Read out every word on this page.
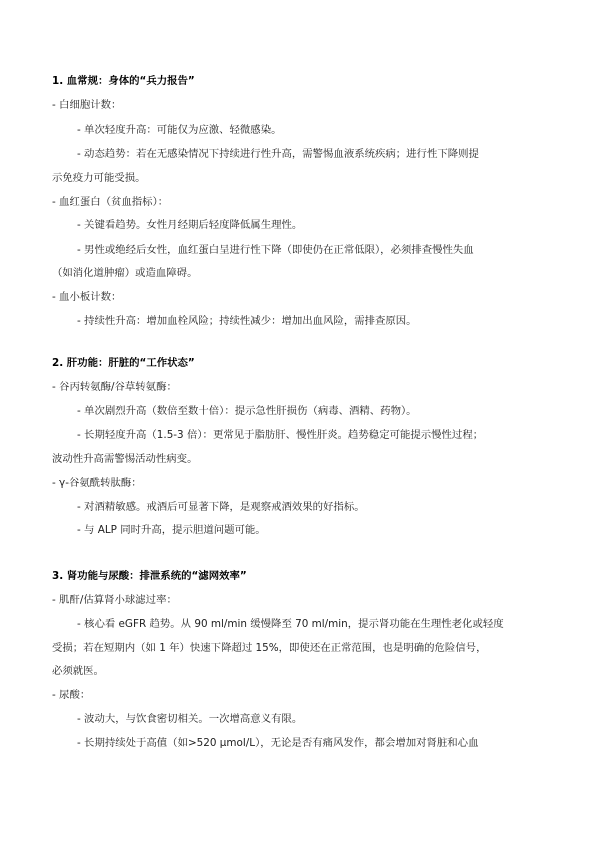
1. 血常规：身体的“兵力报告”
- 白细胞计数：
- 单次轻度升高：可能仅为应激、轻微感染。
- 动态趋势：若在无感染情况下持续进行性升高，需警惕血液系统疾病；进行性下降则提
示免疫力可能受损。
- 血红蛋白（贫血指标）：
- 关键看趋势。女性月经期后轻度降低属生理性。
- 男性或绝经后女性，血红蛋白呈进行性下降（即使仍在正常低限），必须排查慢性失血
（如消化道肿瘤）或造血障碍。
- 血小板计数：
- 持续性升高：增加血栓风险；持续性减少：增加出血风险，需排查原因。
2. 肝功能：肝脏的“工作状态”
- 谷丙转氨酶/谷草转氨酶：
- 单次剧烈升高（数倍至数十倍）：提示急性肝损伤（病毒、酒精、药物）。
- 长期轻度升高（1.5-3 倍）：更常见于脂肪肝、慢性肝炎。趋势稳定可能提示慢性过程；
波动性升高需警惕活动性病变。
- γ-谷氨酰转肽酶：
- 对酒精敏感。戒酒后可显著下降，是观察戒酒效果的好指标。
- 与 ALP 同时升高，提示胆道问题可能。
3. 肾功能与尿酸：排泄系统的“滤网效率”
- 肌酐/估算肾小球滤过率：
- 核心看 eGFR 趋势。从 90 ml/min 缓慢降至 70 ml/min，提示肾功能在生理性老化或轻度
受损；若在短期内（如 1 年）快速下降超过 15%，即使还在正常范围，也是明确的危险信号，
必须就医。
- 尿酸：
- 波动大，与饮食密切相关。一次增高意义有限。
- 长期持续处于高值（如>520 μmol/L），无论是否有痛风发作，都会增加对肾脏和心血
